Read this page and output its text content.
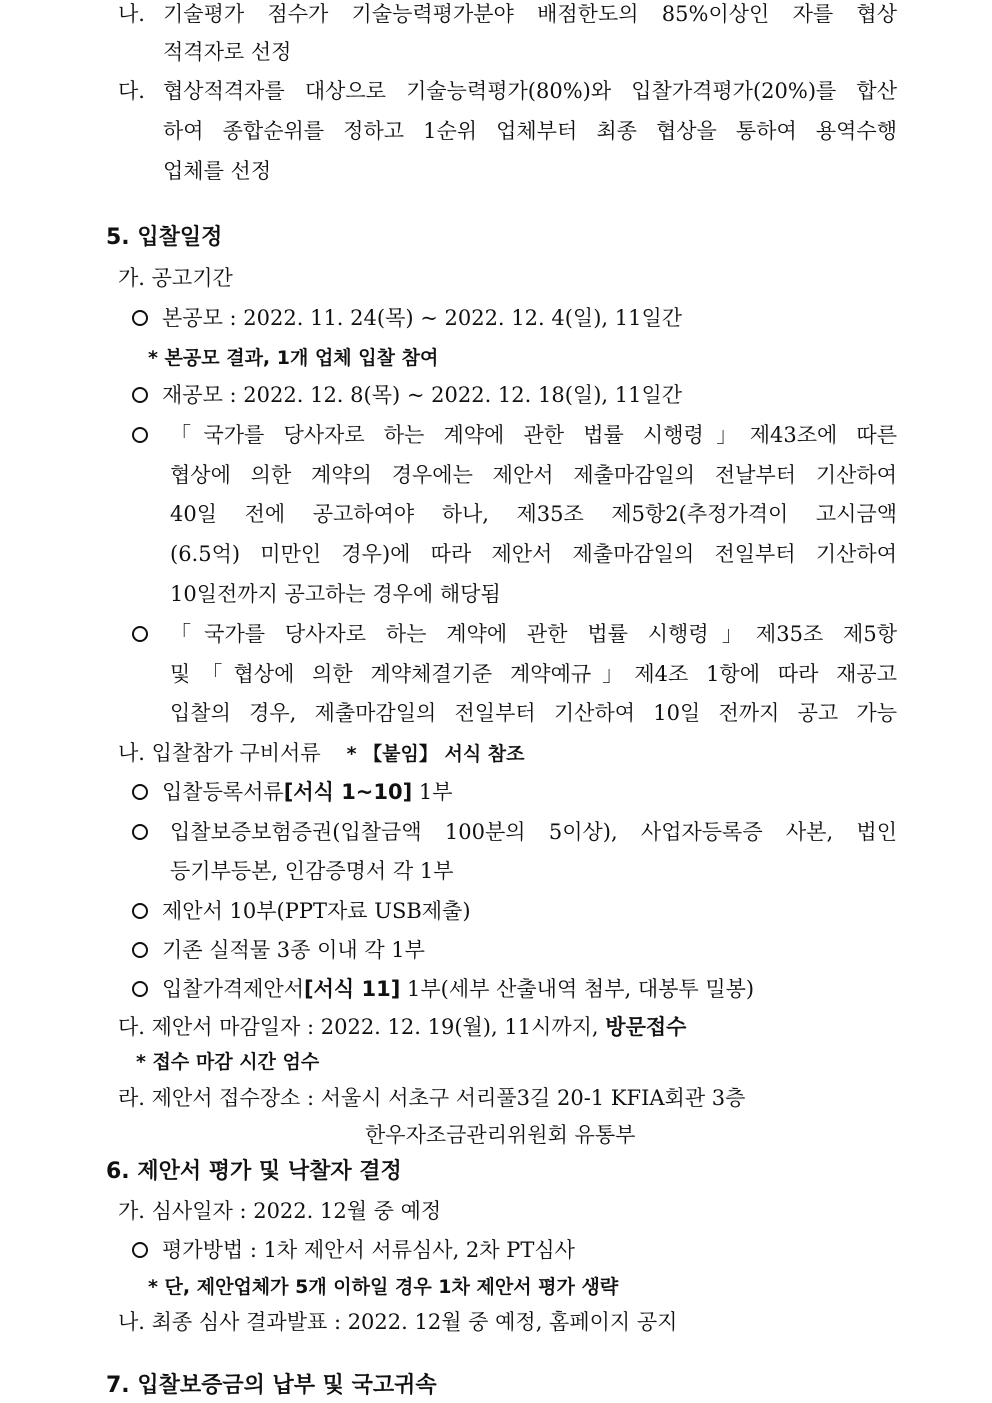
나. 기술평가 점수가 기술능력평가분야 배점한도의 85%이상인 자를 협상
적격자로 선정
다. 협상적격자를 대상으로 기술능력평가(80%)와 입찰가격평가(20%)를 합산
하여 종합순위를 정하고 1순위 업체부터 최종 협상을 통하여 용역수행
업체를 선정
5. 입찰일정
가. 공고기간
본공모 : 2022. 11. 24(목) ~ 2022. 12. 4(일), 11일간
* 본공모 결과, 1개 업체 입찰 참여
재공모 : 2022. 12. 8(목) ~ 2022. 12. 18(일), 11일간
「국가를 당사자로 하는 계약에 관한 법률 시행령」제43조에 따른
협상에 의한 계약의 경우에는 제안서 제출마감일의 전날부터 기산하여
40일 전에 공고하여야 하나, 제35조 제5항2(추정가격이 고시금액
(6.5억) 미만인 경우)에 따라 제안서 제출마감일의 전일부터 기산하여
10일전까지 공고하는 경우에 해당됨
「국가를 당사자로 하는 계약에 관한 법률 시행령」제35조 제5항
및「협상에 의한 계약체결기준 계약예규」제4조 1항에 따라 재공고
입찰의 경우, 제출마감일의 전일부터 기산하여 10일 전까지 공고 가능
나. 입찰참가 구비서류 * 【붙임】 서식 참조
입찰등록서류[서식 1~10] 1부
입찰보증보험증권(입찰금액 100분의 5이상), 사업자등록증 사본, 법인
등기부등본, 인감증명서 각 1부
제안서 10부(PPT자료 USB제출)
기존 실적물 3종 이내 각 1부
입찰가격제안서[서식 11] 1부(세부 산출내역 첨부, 대봉투 밀봉)
다. 제안서 마감일자 : 2022. 12. 19(월), 11시까지, 방문접수
* 접수 마감 시간 엄수
라. 제안서 접수장소 : 서울시 서초구 서리풀3길 20-1 KFIA회관 3층
한우자조금관리위원회 유통부
6. 제안서 평가 및 낙찰자 결정
가. 심사일자 : 2022. 12월 중 예정
평가방법 : 1차 제안서 서류심사, 2차 PT심사
* 단, 제안업체가 5개 이하일 경우 1차 제안서 평가 생략
나. 최종 심사 결과발표 : 2022. 12월 중 예정, 홈페이지 공지
7. 입찰보증금의 납부 및 국고귀속
